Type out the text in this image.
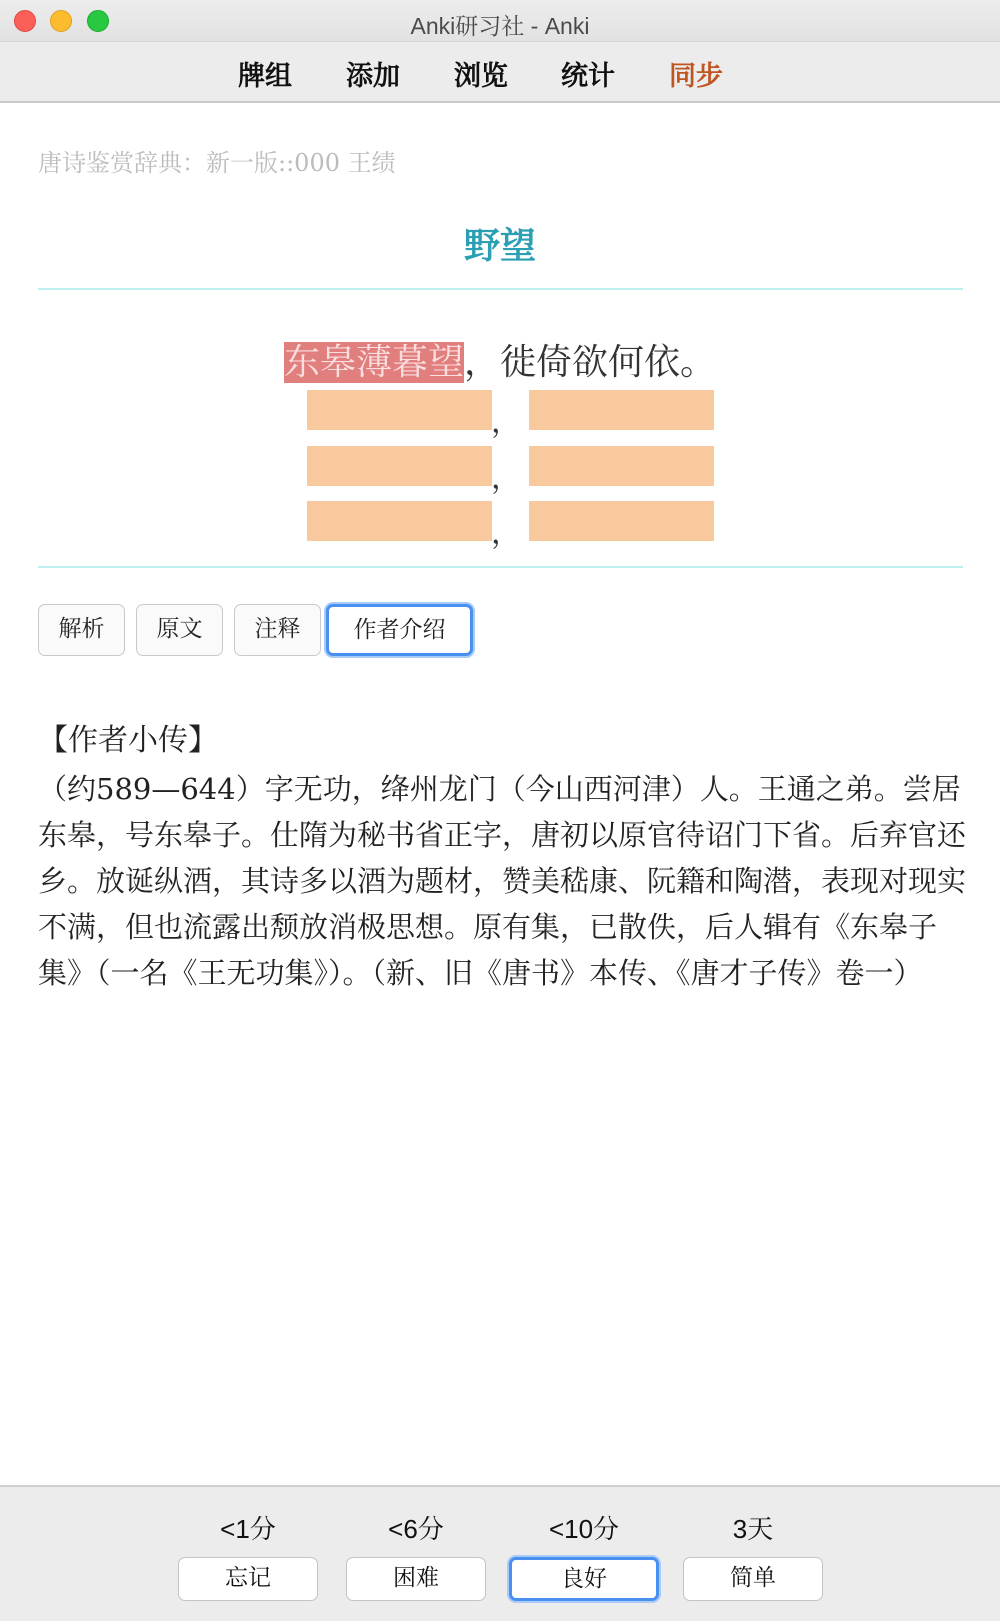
Anki研习社 - Anki
牌组 添加 浏览 统计 同步
唐诗鉴赏辞典：新一版::000 王绩
野望
东皋薄暮望，徙倚欲何依。
，
，
，
解析	原文	注释	作者介绍
【作者小传】
（约589—644）字无功，绛州龙门（今山西河津）人。王通之弟。尝居东皋，号东皋子。仕隋为秘书省正字，唐初以原官待诏门下省。后弃官还乡。放诞纵酒，其诗多以酒为题材，赞美嵇康、阮籍和陶潜，表现对现实不满，但也流露出颓放消极思想。原有集，已散佚，后人辑有《东皋子集》（一名《王无功集》）。（新、旧《唐书》本传、《唐才子传》卷一）
<1分	<6分	<10分	3天
忘记	困难	良好	简单
